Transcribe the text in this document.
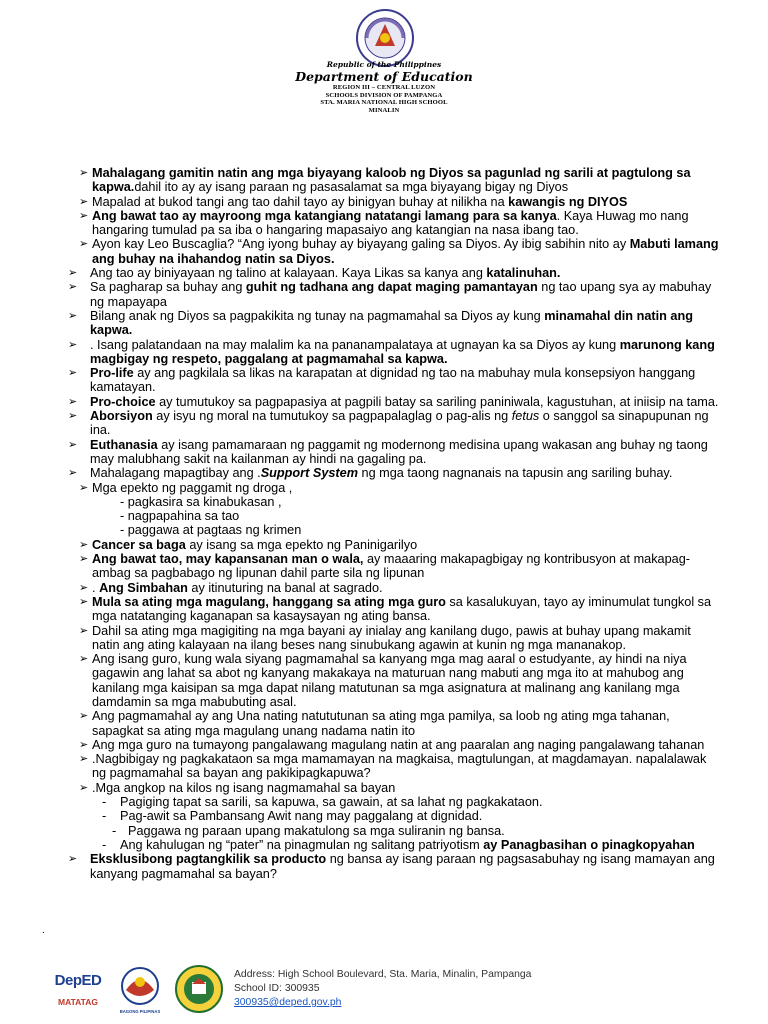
Republic of the Philippines
Department of Education
REGION III – CENTRAL LUZON
SCHOOLS DIVISION OF PAMPANGA
STA. MARIA NATIONAL HIGH SCHOOL
MINALIN
➢ Mahalagang gamitin natin ang mga biyayang kaloob ng Diyos sa pagunlad ng sarili at pagtulong sa kapwa.dahil ito ay ay isang paraan ng pasasalamat sa mga biyayang bigay ng Diyos
➢ Mapalad at bukod tangi ang tao dahil tayo ay binigyan buhay at nilikha na kawangis ng DIYOS
➢ Ang bawat tao ay mayroong mga katangiang natatangi lamang para sa kanya. Kaya Huwag mo nang hangaring tumulad pa sa iba o hangaring mapasaiyo ang katangian na nasa ibang tao.
➢ Ayon kay Leo Buscaglia? “Ang iyong buhay ay biyayang galing sa Diyos. Ay ibig sabihin nito ay Mabuti lamang ang buhay na ihahandog natin sa Diyos.
➢ Ang tao ay biniyayaan ng talino at kalayaan. Kaya Likas sa kanya ang katalinuhan.
➢ Sa pagharap sa buhay ang guhit ng tadhana ang dapat maging pamantayan ng tao upang sya ay mabuhay ng mapayapa
➢ Bilang anak ng Diyos sa pagpakikita ng tunay na pagmamahal sa Diyos ay kung minamahal din natin ang kapwa.
➢ . Isang palatandaan na may malalim ka na pananampalataya at ugnayan ka sa Diyos ay kung marunong kang magbigay ng respeto, paggalang at pagmamahal sa kapwa.
➢ Pro-life ay ang pagkilala sa likas na karapatan at dignidad ng tao na mabuhay mula konsepsiyon hanggang kamatayan.
➢ Pro-choice ay tumutukoy sa pagpapasiya at pagpili batay sa sariling paniniwala, kagustuhan, at iniisip na tama.
➢ Aborsiyon ay isyu ng moral na tumutukoy sa pagpapalaglag o pag-alis ng fetus o sanggol sa sinapupunan ng ina.
➢ Euthanasia ay isang pamamaraan ng paggamit ng modernong medisina upang wakasan ang buhay ng taong may malubhang sakit na kailanman ay hindi na gagaling pa.
➢ Mahalagang mapagtibay ang .Support System ng mga taong nagnanais na tapusin ang sariling buhay.
➢ Mga epekto ng paggamit ng droga ,
- pagkasira sa kinabukasan ,
- nagpapahina sa tao
- paggawa at pagtaas ng krimen
➢ Cancer sa baga ay isang sa mga epekto ng Paninigarilyo
➢ Ang bawat tao, may kapansanan man o wala, ay maaaring makapagbigay ng kontribusyon at makapag- ambag sa pagbabago ng lipunan dahil parte sila ng lipunan
➢ . Ang Simbahan ay itinuturing na banal at sagrado.
➢ Mula sa ating mga magulang, hanggang sa ating mga guro sa kasalukuyan, tayo ay iminumulat tungkol sa mga natatanging kaganapan sa kasaysayan ng ating bansa.
➢ Dahil sa ating mga magigiting na mga bayani ay inialay ang kanilang dugo, pawis at buhay upang makamit natin ang ating kalayaan na ilang beses nang sinubukang agawin at kunin ng mga mananakop.
➢ Ang isang guro, kung wala siyang pagmamahal sa kanyang mga mag aaral o estudyante, ay hindi na niya gagawin ang lahat sa abot ng kanyang makakaya na maturuan nang mabuti ang mga ito at mahubog ang kanilang mga kaisipan sa mga dapat nilang matutunan sa mga asignatura at malinang ang kanilang mga damdamin sa mga mabubuting asal.
➢ Ang pagmamahal ay ang Una nating natututunan sa ating mga pamilya, sa loob ng ating mga tahanan, sapagkat sa ating mga magulang unang nadama natin ito
➢ Ang mga guro na tumayong pangalawang magulang natin at ang paaralan ang naging pangalawang tahanan
➢ .Nagbibigay ng pagkakataon sa mga mamamayan na magkaisa, magtulungan, at magdamayan. napalalawak ng pagmamahal sa bayan ang pakikipagkapuwa?
➢ .Mga angkop na kilos ng isang nagmamahal sa bayan
- Pagiging tapat sa sarili, sa kapuwa, sa gawain, at sa lahat ng pagkakataon.
- Pag-awit sa Pambansang Awit nang may paggalang at dignidad.
- Paggawa ng paraan upang makatulong sa mga suliranin ng bansa.
- Ang kahulugan ng “pater” na pinagmulan ng salitang patriyotism ay Panagbasihan o pinagkopyahan
➢ Eksklusibong pagtangkilik sa producto ng bansa ay isang paraan ng pagsasabuhay ng isang mamayan ang kanyang pagmamahal sa bayan?
.
DepED
MATATAG
BAGONG PILIPINAS
Address: High School Boulevard, Sta. Maria, Minalin, Pampanga
School ID: 300935
300935@deped.gov.ph
